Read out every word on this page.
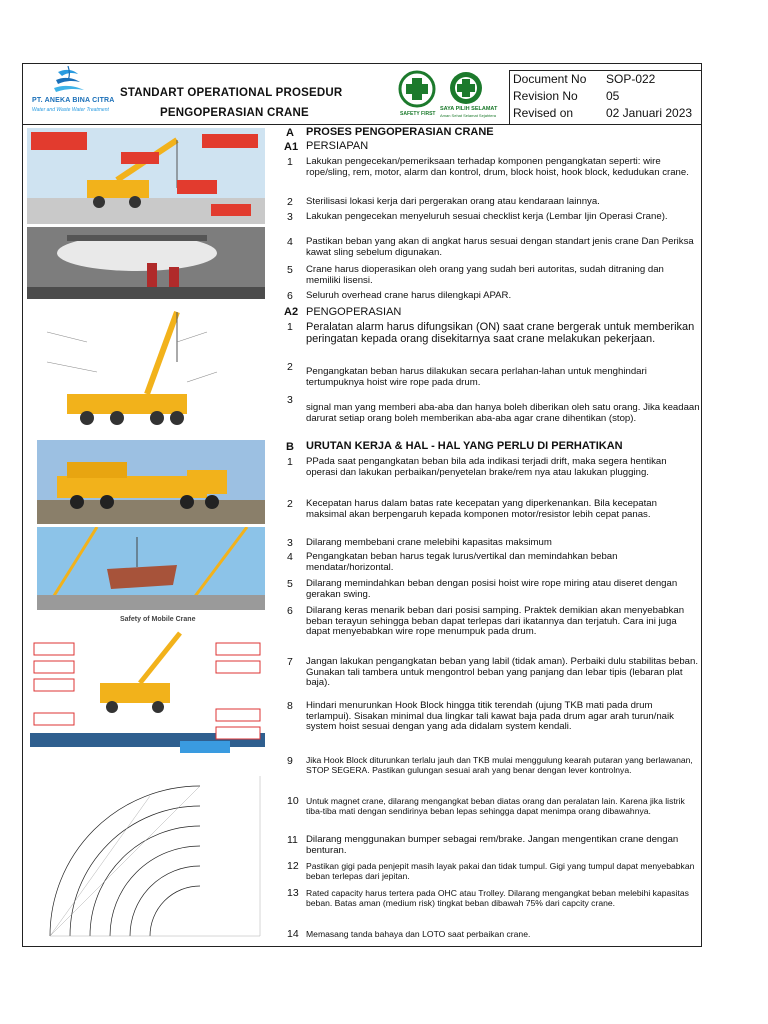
PT. ANEKA BINA CITRA
Water and Waste Water Treatment
STANDART OPERATIONAL PROSEDUR
PENGOPERASIAN CRANE	SAFETY FIRST
SAYA PILIH SELAMAT
Aman Sehat Selamat Sejahtera
Document No SOP-022
Revision No 05
Revised on	02 Januari 2023
Safety of Mobile Crane
A PROSES PENGOPERASIAN CRANE
A1 PERSIAPAN
1 Lakukan pengecekan/pemeriksaan terhadap komponen pengangkatan seperti: wire rope/sling, rem, motor, alarm dan kontrol, drum, block hoist, hook block, kedudukan crane.
2 Sterilisasi lokasi kerja dari pergerakan orang atau kendaraan lainnya.
3 Lakukan pengecekan menyeluruh sesuai checklist kerja (Lembar Ijin Operasi Crane).
4 Pastikan beban yang akan di angkat harus sesuai dengan standart jenis crane Dan Periksa kawat sling sebelum digunakan.
5 Crane harus dioperasikan oleh orang yang sudah beri autoritas, sudah ditraning dan memiliki lisensi.
6 Seluruh overhead crane harus dilengkapi APAR.
A2 PENGOPERASIAN
1 Peralatan alarm harus difungsikan (ON) saat crane bergerak untuk memberikan peringatan kepada orang disekitarnya saat crane melakukan pekerjaan.
2 Pengangkatan beban harus dilakukan secara perlahan-lahan untuk menghindari tertumpuknya hoist wire rope pada drum.
3
signal man yang memberi aba-aba dan hanya boleh diberikan oleh satu orang. Jika keadaan darurat setiap orang boleh memberikan aba-aba agar crane dihentikan (stop).
B URUTAN KERJA & HAL - HAL YANG PERLU DI PERHATIKAN
1 PPada saat pengangkatan beban bila ada indikasi terjadi drift, maka segera hentikan operasi dan lakukan perbaikan/penyetelan brake/rem nya atau lakukan plugging.
2 Kecepatan harus dalam batas rate kecepatan yang diperkenankan. Bila kecepatan maksimal akan berpengaruh kepada komponen motor/resistor lebih cepat panas.
3 Dilarang membebani crane melebihi kapasitas maksimum
4 Pengangkatan beban harus tegak lurus/vertikal dan memindahkan beban mendatar/horizontal.
5 Dilarang memindahkan beban dengan posisi hoist wire rope miring atau diseret dengan gerakan swing.
6 Dilarang keras menarik beban dari posisi samping. Praktek demikian akan menyebabkan beban terayun sehingga beban dapat terlepas dari ikatannya dan terjatuh. Cara ini juga dapat menyebabkan wire rope menumpuk pada drum.
7 Jangan lakukan pengangkatan beban yang labil (tidak aman). Perbaiki dulu stabilitas beban. Gunakan tali tambera untuk mengontrol beban yang panjang dan lebar tipis (lebaran plat baja).
8 Hindari menurunkan Hook Block hingga titik terendah (ujung TKB mati pada drum terlampui). Sisakan minimal dua lingkar tali kawat baja pada drum agar arah turun/naik system hoist sesuai dengan yang ada didalam system kendali.
9 Jika Hook Block diturunkan terlalu jauh dan TKB mulai menggulung kearah putaran yang berlawanan, STOP SEGERA. Pastikan gulungan sesuai arah yang benar dengan lever kontrolnya.
10 Untuk magnet crane, dilarang mengangkat beban diatas orang dan peralatan lain. Karena jika listrik tiba-tiba mati dengan sendirinya beban lepas sehingga dapat menimpa orang dibawahnya.
11 Dilarang menggunakan bumper sebagai rem/brake. Jangan mengentikan crane dengan benturan.
12 Pastikan gigi pada penjepit masih layak pakai dan tidak tumpul. Gigi yang tumpul dapat menyebabkan beban terlepas dari jepitan.
13 Rated capacity harus tertera pada OHC atau Trolley. Dilarang mengangkat beban melebihi kapasitas beban. Batas aman (medium risk) tingkat beban dibawah 75% dari capcity crane.
14 Memasang tanda bahaya dan LOTO saat perbaikan crane.
